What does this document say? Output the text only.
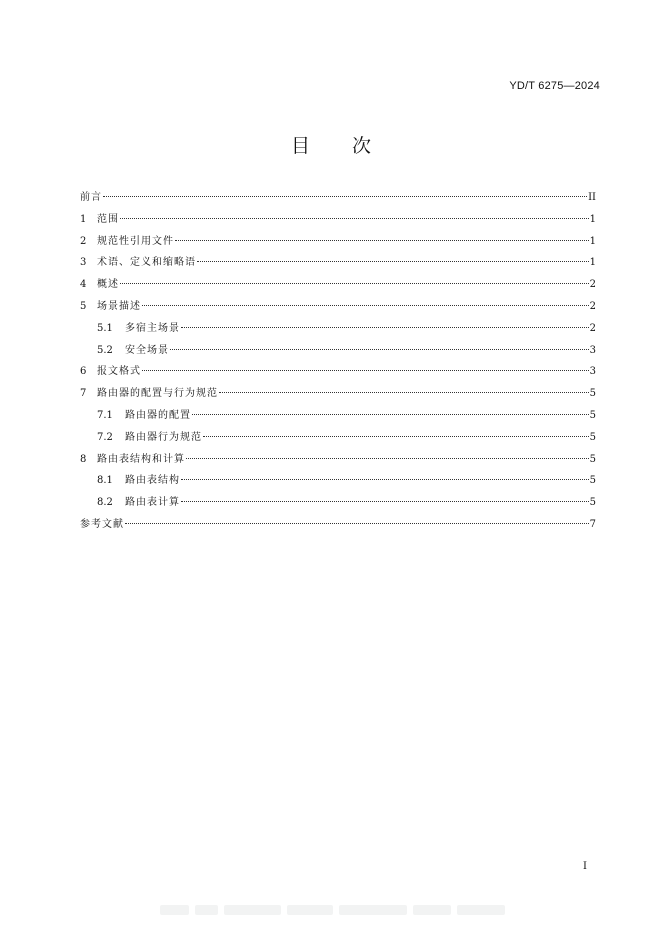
YD/T 6275—2024
目 次
前言	II
1	范围	1
2	规范性引用文件	1
3	术语、定义和缩略语	1
4	概述	2
5	场景描述	2
5.1	多宿主场景	2
5.2	安全场景	3
6	报文格式	3
7	路由器的配置与行为规范	5
7.1	路由器的配置	5
7.2	路由器行为规范	5
8	路由表结构和计算	5
8.1	路由表结构	5
8.2	路由表计算	5
参考文献	7
I
